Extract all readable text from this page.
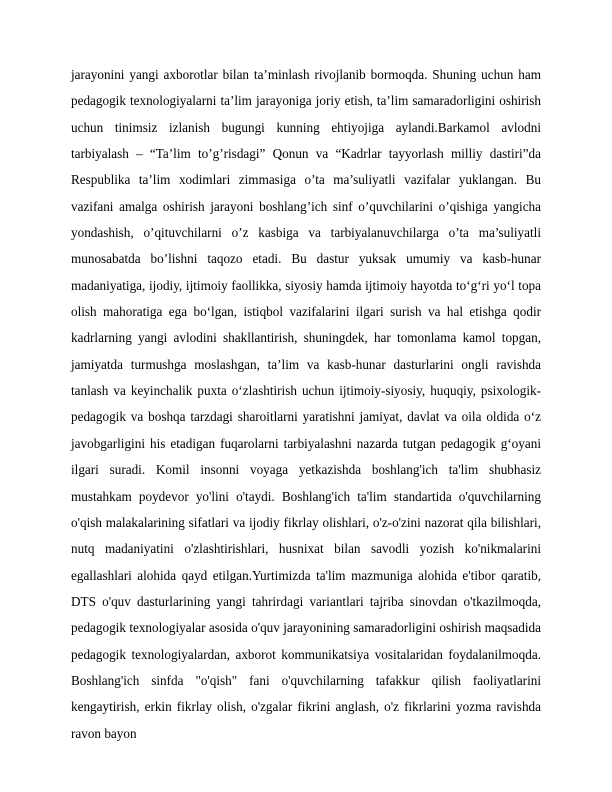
jarayonini yangi axborotlar bilan ta’minlash rivojlanib bormoqda. Shuning uchun ham pedagogik texnologiyalarni ta’lim jarayoniga joriy etish, ta’lim samaradorligini oshirish uchun tinimsiz izlanish bugungi kunning ehtiyojiga aylandi.Barkamol avlodni tarbiyalash – “Ta’lim to’g’risdagi” Qonun va “Kadrlar tayyorlash milliy dastiri”da Respublika ta’lim xodimlari zimmasiga o’ta ma’suliyatli vazifalar yuklangan. Bu vazifani amalga oshirish jarayoni boshlang’ich sinf o’quvchilarini o’qishiga yangicha yondashish, o’qituvchilarni o’z kasbiga va tarbiyalanuvchilarga o’ta ma’suliyatli munosabatda bo’lishni taqozo etadi. Bu dastur yuksak umumiy va kasb-hunar madaniyatiga, ijodiy, ijtimoiy faollikka, siyosiy hamda ijtimoiy hayotda toʻgʻri yoʻl topa olish mahoratiga ega boʻlgan, istiqbol vazifalarini ilgari surish va hal etishga qodir kadrlarning yangi avlodini shakllantirish, shuningdek, har tomonlama kamol topgan, jamiyatda turmushga moslashgan, ta’lim va kasb-hunar dasturlarini ongli ravishda tanlash va keyinchalik puxta oʻzlashtirish uchun ijtimoiy-siyosiy, huquqiy, psixologik-pedagogik va boshqa tarzdagi sharoitlarni yaratishni jamiyat, davlat va oila oldida oʻz javobgarligini his etadigan fuqarolarni tarbiyalashni nazarda tutgan pedagogik gʻoyani ilgari suradi. Komil insonni voyaga yetkazishda boshlang'ich ta'lim shubhasiz mustahkam poydevor yo'lini o'taydi. Boshlang'ich ta'lim standartida o'quvchilarning o'qish malakalarining sifatlari va ijodiy fikrlay olishlari, o'z-o'zini nazorat qila bilishlari, nutq madaniyatini o'zlashtirishlari, husnixat bilan savodli yozish ko'nikmalarini egallashlari alohida qayd etilgan.Yurtimizda ta'lim mazmuniga alohida e'tibor qaratib, DTS o'quv dasturlarining yangi tahrirdagi variantlari tajriba sinovdan o'tkazilmoqda, pedagogik texnologiyalar asosida o'quv jarayonining samaradorligini oshirish maqsadida pedagogik texnologiyalardan, axborot kommunikatsiya vositalaridan foydalanilmoqda. Boshlang'ich sinfda "o'qish" fani o'quvchilarning tafakkur qilish faoliyatlarini kengaytirish, erkin fikrlay olish, o'zgalar fikrini anglash, o'z fikrlarini yozma ravishda ravon bayon
